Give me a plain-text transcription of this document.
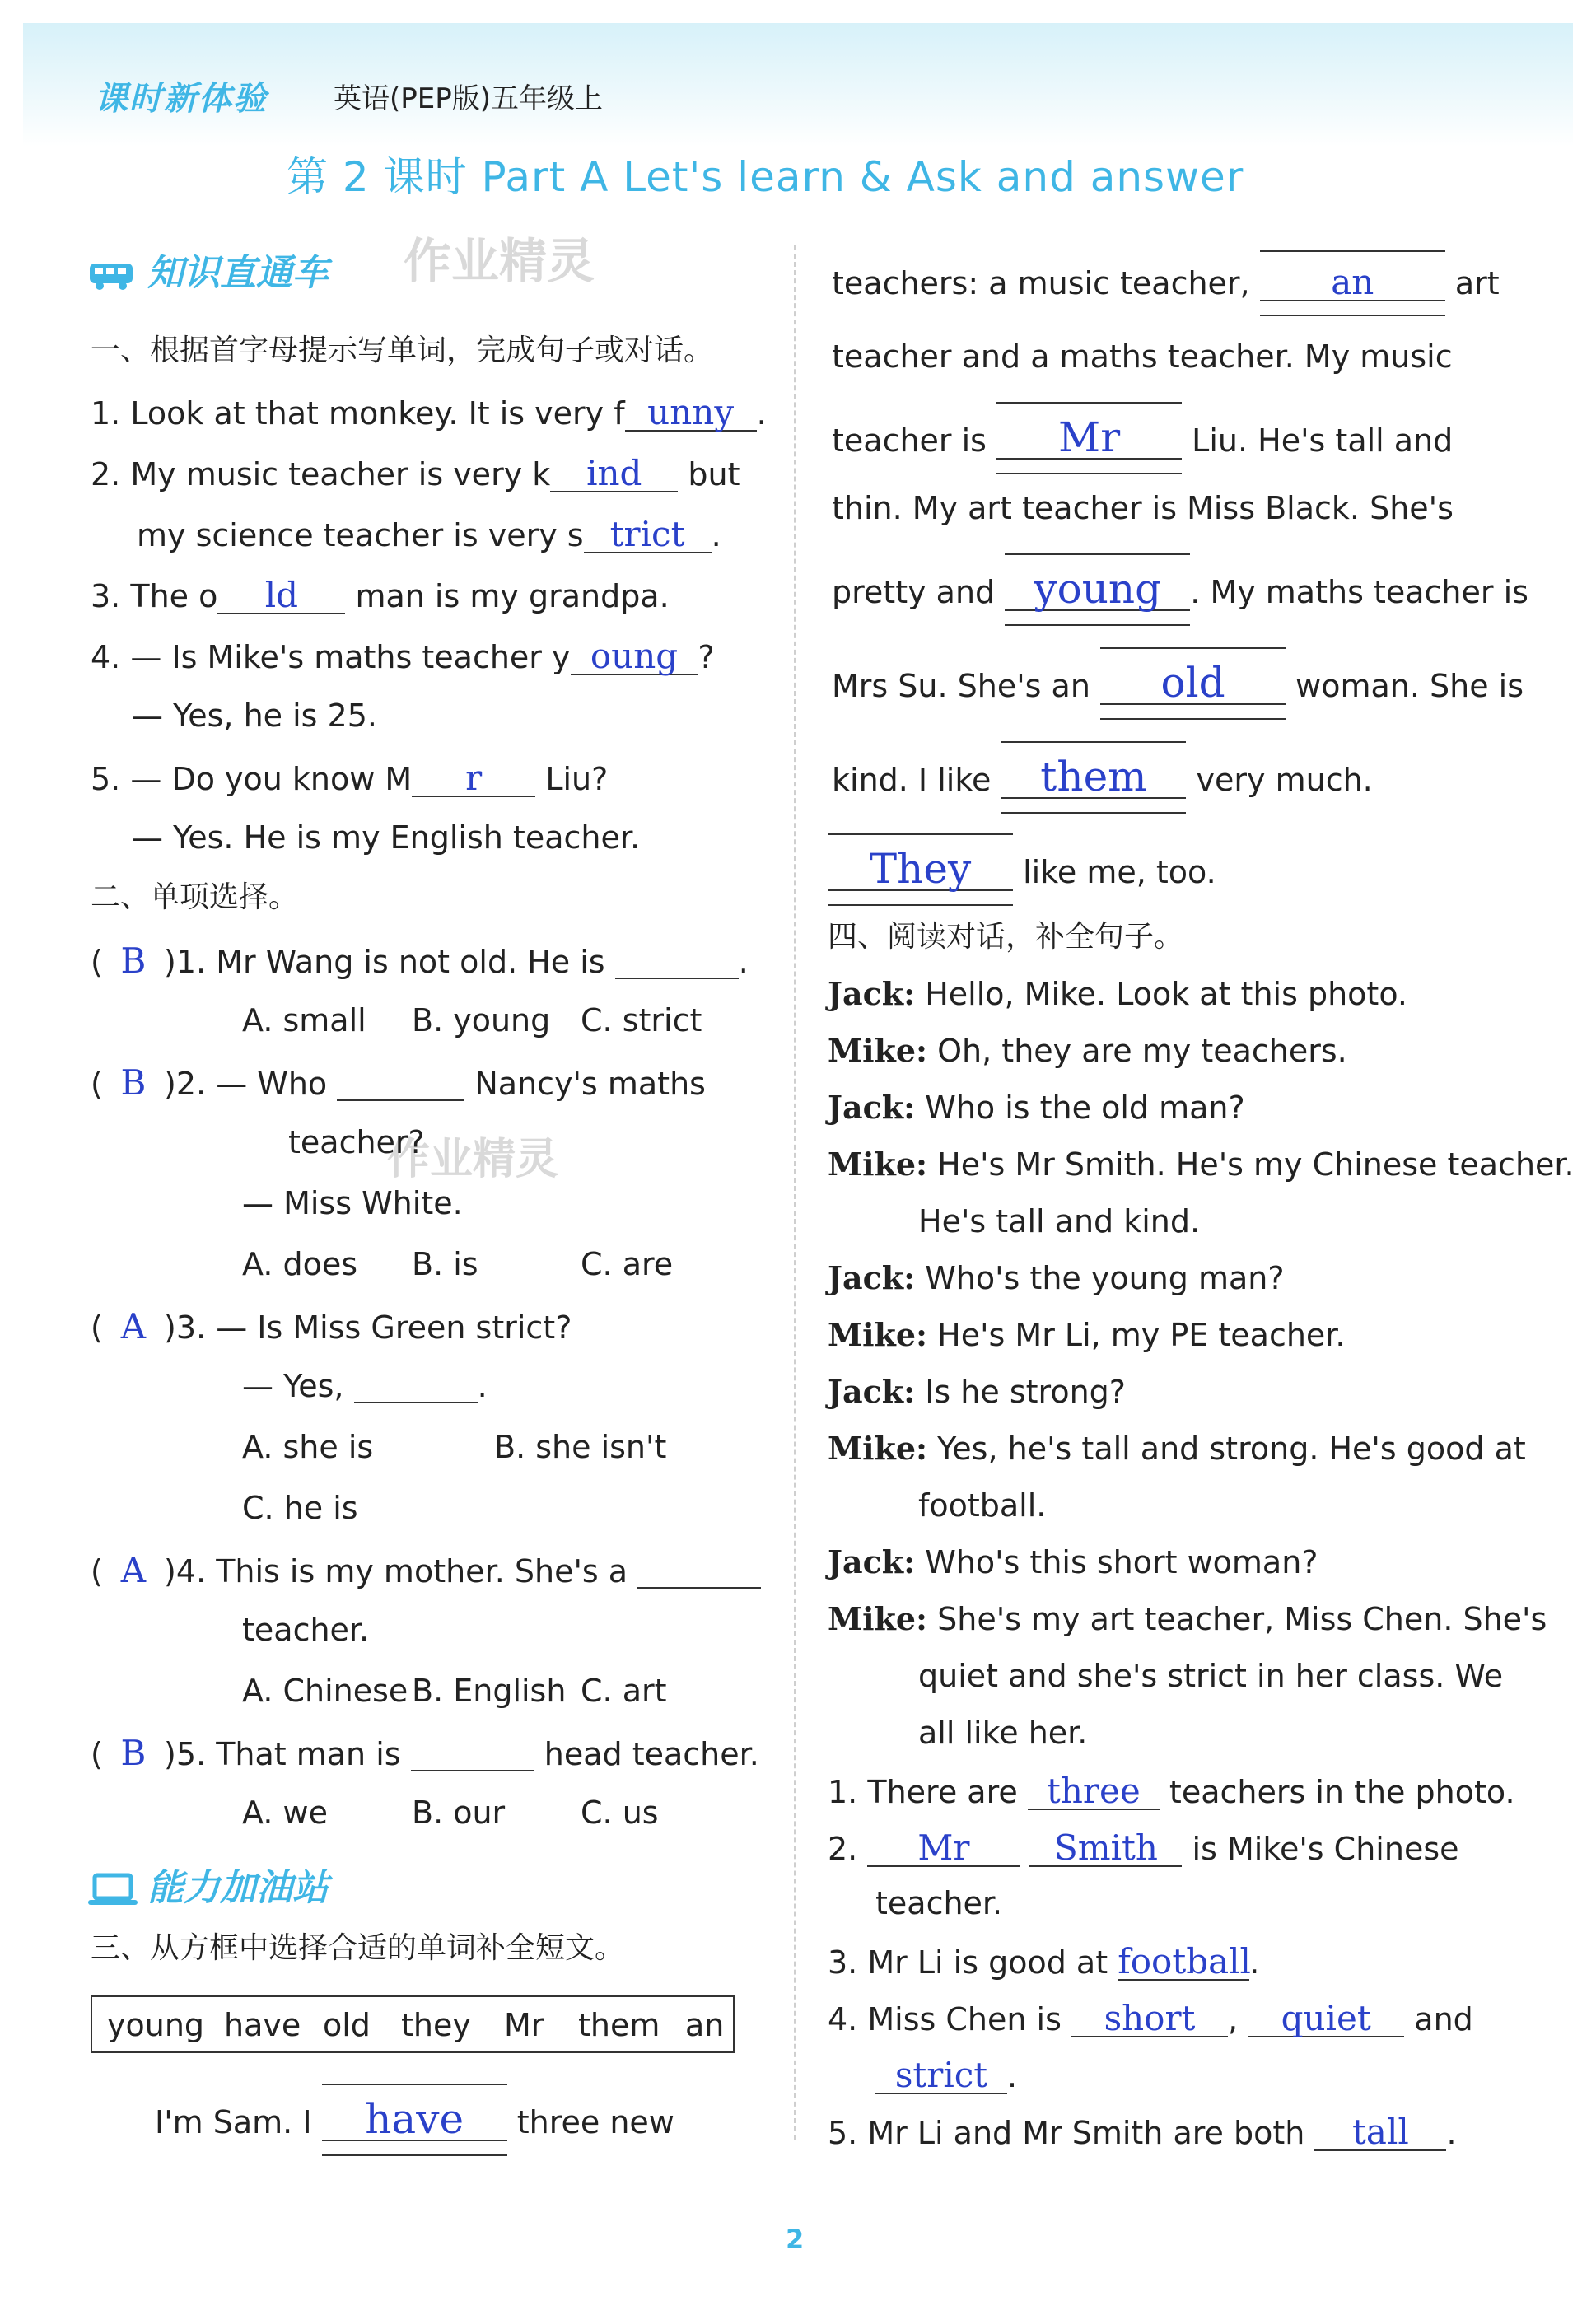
课时新体验 英语(PEP版)五年级上
第 2 课时 Part A Let's learn & Ask and answer
知识直通车 作业精灵
作业精灵
一、根据首字母提示写单词，完成句子或对话。
1. Look at that monkey. It is very f unny .
2. My music teacher is very k ind but
my science teacher is very s trict .
3. The o ld man is my grandpa.
4. — Is Mike's maths teacher y oung ?
— Yes, he is 25.
5. — Do you know M r Liu?
— Yes. He is my English teacher.
二、单项选择。
( B )1. Mr Wang is not old. He is	.
A. small B. young C. strict
( B )2. — Who	Nancy's maths
teacher?
— Miss White.
A. does B. is	C. are
( A )3. — Is Miss Green strict?
— Yes,	.
A. she is	B. she isn't
C. he is
( A )4. This is my mother. She's a
teacher.
A. Chinese B. English C. art
( B )5. That man is	head teacher.
A. we	B. our C. us
能力加油站
三、从方框中选择合适的单词补全短文。
young have old they Mr them an
I'm Sam. I	have	three new
teachers: a music teacher,	an	art
teacher and a maths teacher. My music
teacher is	Mr	Liu. He's tall and
thin. My art teacher is Miss Black. She's
pretty and young . My maths teacher is
Mrs Su. She's an	old	woman. She is
kind. I like	them	very much.
They	like me, too.
四、阅读对话，补全句子。
Jack: Hello, Mike. Look at this photo.
Mike: Oh, they are my teachers.
Jack: Who is the old man?
Mike: He's Mr Smith. He's my Chinese teacher.
He's tall and kind.
Jack: Who's the young man?
Mike: He's Mr Li, my PE teacher.
Jack: Is he strong?
Mike: Yes, he's tall and strong. He's good at
football.
Jack: Who's this short woman?
Mike: She's my art teacher, Miss Chen. She's
quiet and she's strict in her class. We
all like her.
1. There are three teachers in the photo.
2. Mr Smith is Mike's Chinese
teacher.
3. Mr Li is good at football.
4. Miss Chen is short , quiet and
strict .
5. Mr Li and Mr Smith are both tall .
2
